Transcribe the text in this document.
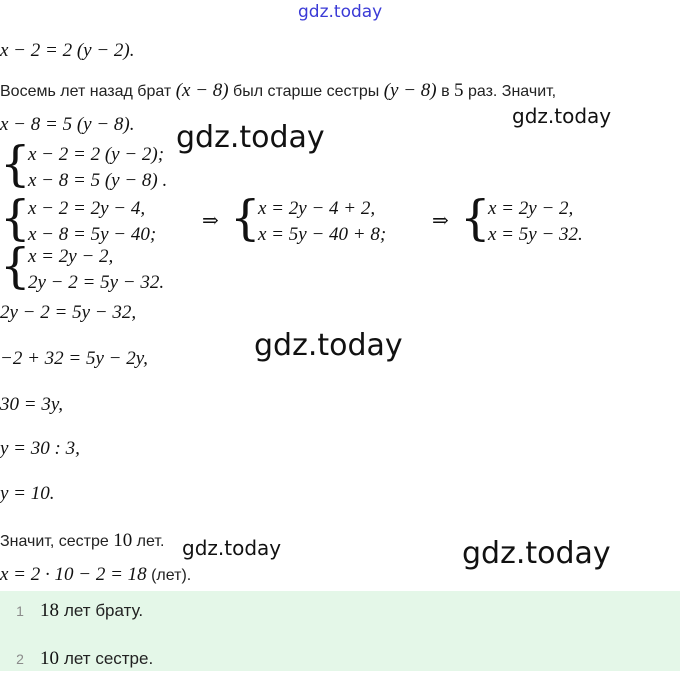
gdz.today
gdz.today
gdz.today
gdz.today
gdz.today	gdz.today
x − 2 = 2 (y − 2).
Восемь лет назад брат (x − 8) был старше сестры (y − 8) в 5 раз. Значит,
x − 8 = 5 (y − 8).
{
x − 2 = 2 (y − 2);
x − 8 = 5 (y − 8) .
{
x − 2 = 2y − 4,
x − 8 = 5y − 40;
⇒ {
x = 2y − 4 + 2,
x = 5y − 40 + 8;
⇒ {
x = 2y − 2,
x = 5y − 32.
{
x = 2y − 2,
2y − 2 = 5y − 32.
2y − 2 = 5y − 32,
−2 + 32 = 5y − 2y,
30 = 3y,
y = 30 : 3,
y = 10.
Значит, сестре 10 лет.
x = 2 · 10 − 2 = 18 (лет).
1 18 лет брату.
2 10 лет сестре.
